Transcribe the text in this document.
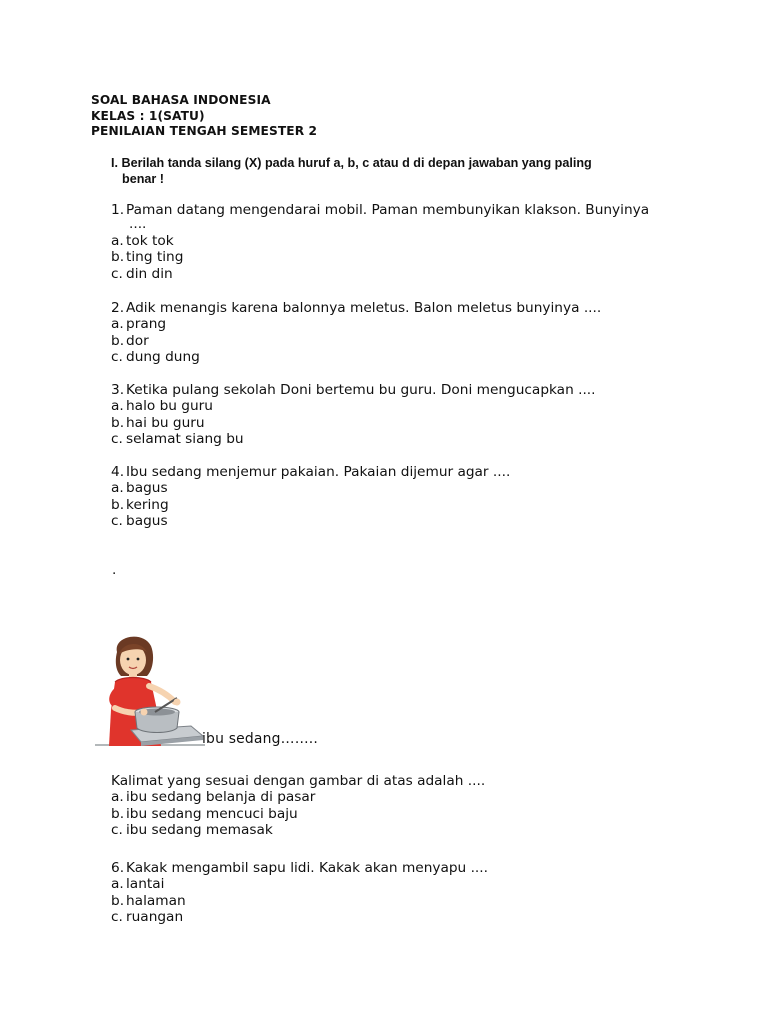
SOAL BAHASA INDONESIA
KELAS : 1(SATU)
PENILAIAN TENGAH SEMESTER 2
I. Berilah tanda silang (X) pada huruf a, b, c atau d di depan jawaban yang paling
benar !
1. Paman datang mengendarai mobil. Paman membunyikan klakson. Bunyinya
....
a. tok tok
b. ting ting
c. din din
2. Adik menangis karena balonnya meletus. Balon meletus bunyinya ....
a. prang
b. dor
c. dung dung
3. Ketika pulang sekolah Doni bertemu bu guru. Doni mengucapkan ....
a. halo bu guru
b. hai bu guru
c. selamat siang bu
4. Ibu sedang menjemur pakaian. Pakaian dijemur agar ....
a. bagus
b. kering
c. bagus
.
ibu sedang……..
Kalimat yang sesuai dengan gambar di atas adalah ....
a. ibu sedang belanja di pasar
b. ibu sedang mencuci baju
c. ibu sedang memasak
6. Kakak mengambil sapu lidi. Kakak akan menyapu ....
a. lantai
b. halaman
c. ruangan
